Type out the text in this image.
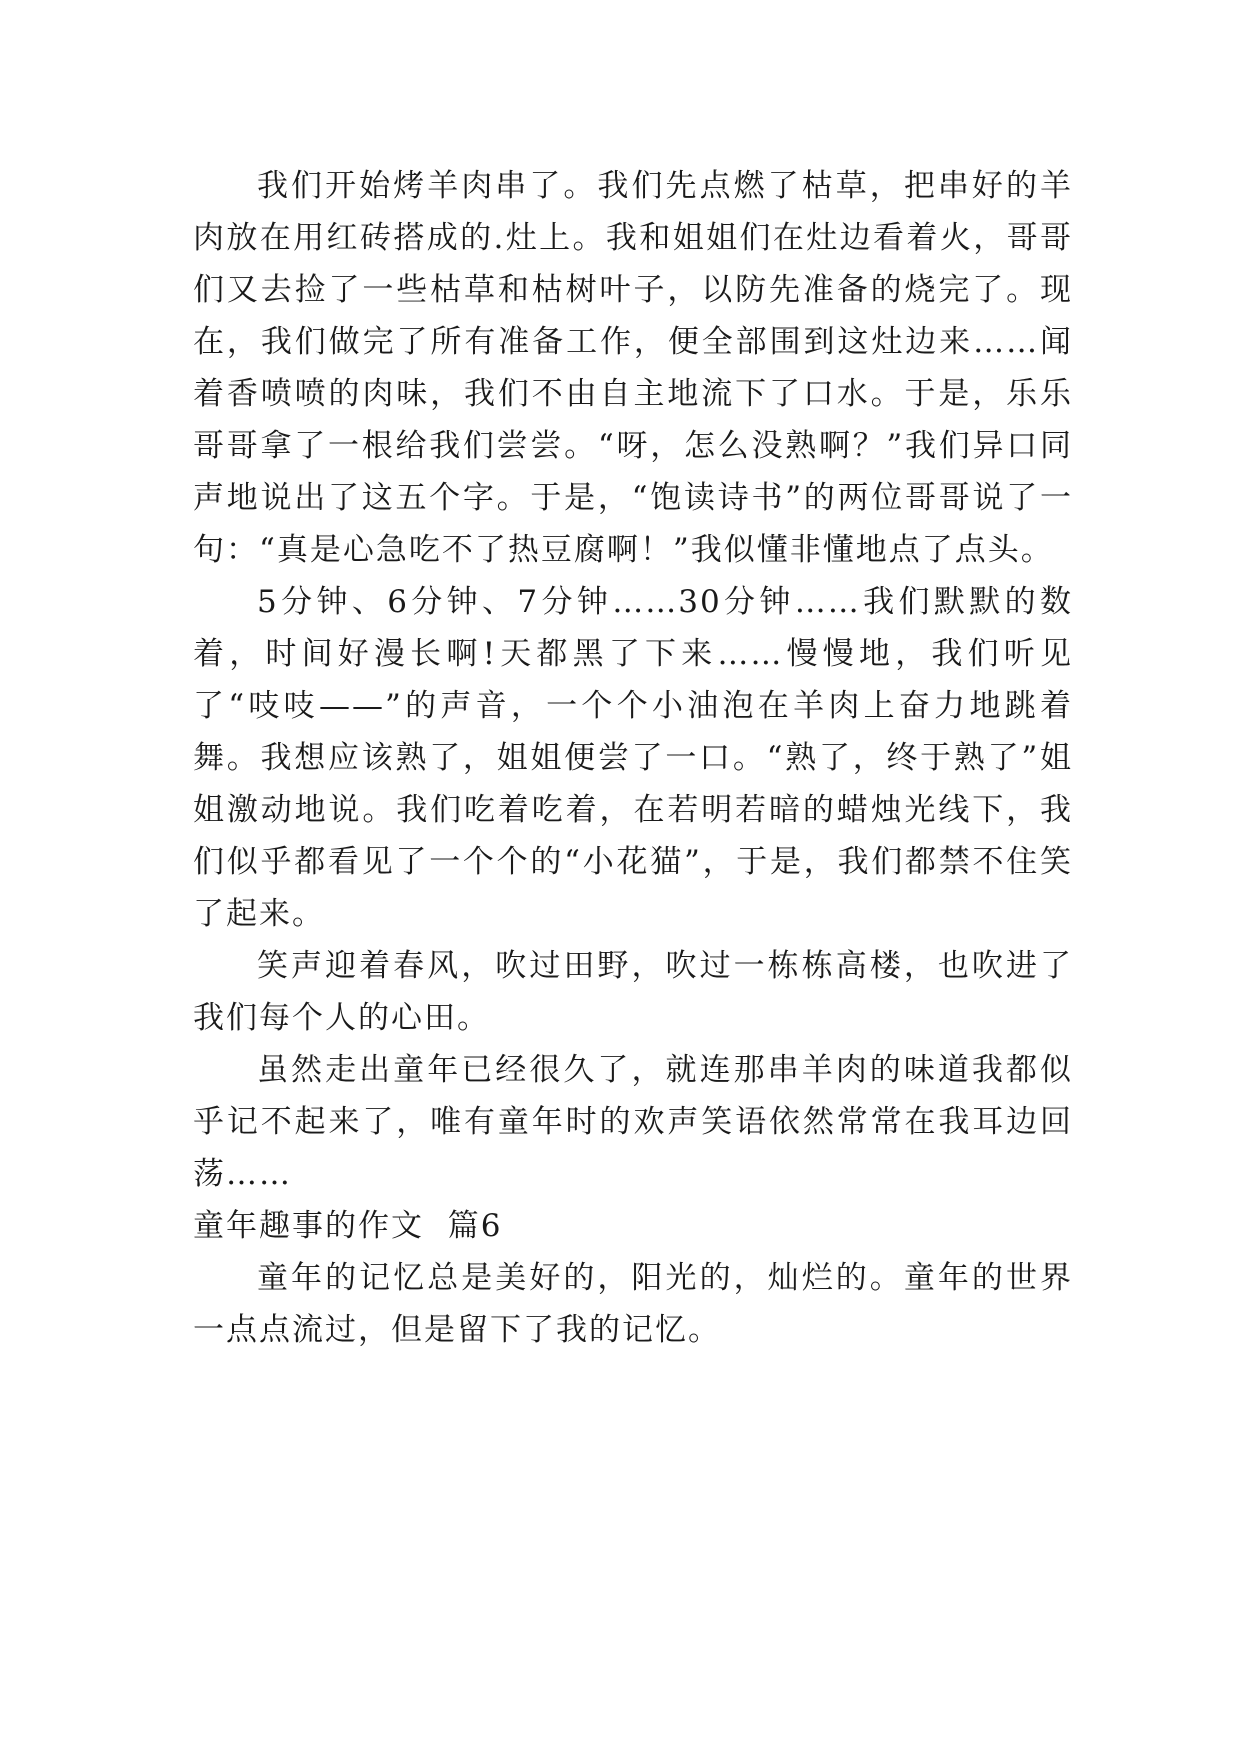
我们开始烤羊肉串了。我们先点燃了枯草，把串好的羊肉放在用红砖搭成的.灶上。我和姐姐们在灶边看着火，哥哥们又去捡了一些枯草和枯树叶子，以防先准备的烧完了。现在，我们做完了所有准备工作，便全部围到这灶边来……闻着香喷喷的肉味，我们不由自主地流下了口水。于是，乐乐哥哥拿了一根给我们尝尝。“呀，怎么没熟啊？”我们异口同声地说出了这五个字。于是，“饱读诗书”的两位哥哥说了一句：“真是心急吃不了热豆腐啊！”我似懂非懂地点了点头。

5分钟、6分钟、7分钟……30分钟……我们默默的数着，时间好漫长啊!天都黑了下来……慢慢地，我们听见了“吱吱——”的声音，一个个小油泡在羊肉上奋力地跳着舞。我想应该熟了，姐姐便尝了一口。“熟了，终于熟了”姐姐激动地说。我们吃着吃着，在若明若暗的蜡烛光线下，我们似乎都看见了一个个的“小花猫”，于是，我们都禁不住笑了起来。

笑声迎着春风，吹过田野，吹过一栋栋高楼，也吹进了我们每个人的心田。

虽然走出童年已经很久了，就连那串羊肉的味道我都似乎记不起来了，唯有童年时的欢声笑语依然常常在我耳边回荡……

童年趣事的作文  篇6

童年的记忆总是美好的，阳光的，灿烂的。童年的世界一点点流过，但是留下了我的记忆。
